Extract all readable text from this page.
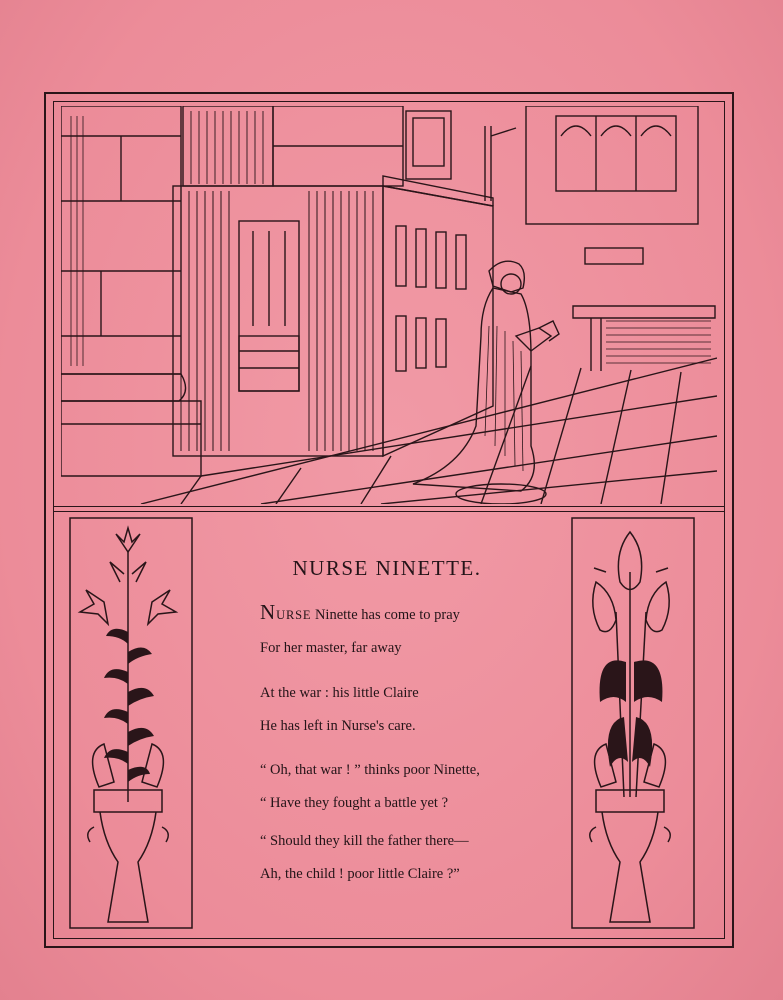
NURSE NINETTE.
NURSE Ninette has come to pray
For her master, far away
At the war : his little Claire
He has left in Nurse's care.
“ Oh, that war ! ” thinks poor Ninette,
“ Have they fought a battle yet ?
“ Should they kill the father there—
Ah, the child ! poor little Claire ?”
